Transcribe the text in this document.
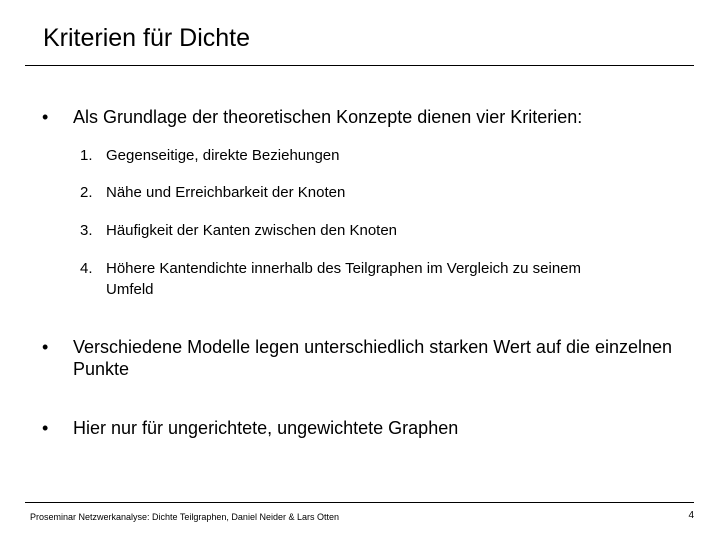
Kriterien für Dichte
• Als Grundlage der theoretischen Konzepte dienen vier Kriterien:
1. Gegenseitige, direkte Beziehungen
2. Nähe und Erreichbarkeit der Knoten
3. Häufigkeit der Kanten zwischen den Knoten
4. Höhere Kantendichte innerhalb des Teilgraphen im Vergleich zu seinem Umfeld
• Verschiedene Modelle legen unterschiedlich starken Wert auf die einzelnen Punkte
• Hier nur für ungerichtete, ungewichtete Graphen
Proseminar Netzwerkanalyse: Dichte Teilgraphen, Daniel Neider & Lars Otten	4
